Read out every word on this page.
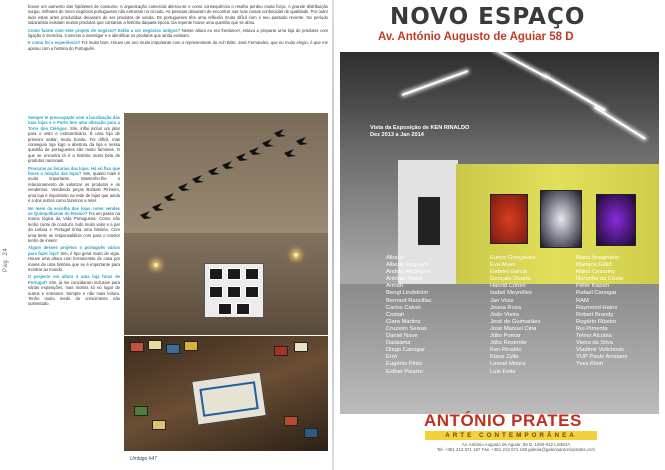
Pag. 24

houve um aumento das hipóteses de consumo. A organização comercial alterou-se e como consequência o retalho perdeu muita força. A grande distribuição surgiu, milhares de micro negócios portugueses não entraram no circuito. As pessoas deixaram de encontrar nas ruas coisas conhecidas de qualidade. Por outro lado estas artes produzidas deixaram de ser produtos de venda. De portugueses têm uma reflexão muito difícil com o seu passado recente. No período salazarista existiam muitos produtos que contaram a história daquela época. Da repente houve uma questão que se abriu.

Como fazem com este projeto de negócio? Estão a ser negócios antigos? Nesse altura eu era freelancer, estava a preparar uma loja de produtos com ligação à memória. Comecei a investigar e a identificar os produtos que ainda existiam.

E como foi a experiência? Foi muito bom. Houve um ano muito importante com o representante da Ach Brito. José Fernandes, que eu muito elogio, é que me apoiou com a história do Português.

Sempre te preocupaste com a localização das tuas lojas e o Porto tem uma vibração para a Torre dos Clérigos. Sim, influi incluir um pilar para o visto e extraordinário. É uma loja de primeiro andar, muito bonita. Foi difícil, mas conseguiu loja logo a abertura da loja e nessa questão de portugueses são muito famosos. O que se encontra lá é a história muito bela de produtos nacionais.

Procuras as livrarias das lojas. Há só fixo que fosse a relação das lojas? Sim, quanto mais é muito importante. Mantenho-lhe o relacionamento de valorizar os produtos e os vendemos. Vendendo peças Bordalo Pinheiro, uma loja é importante na rede de lojas que ainda é a dos outros como fazemos a reter.

No meio da escolha das lojas como vendes as Quinquilharias do Rossio? Foi um passo na marca lógica da Vida Portuguesa. Como não tenho conte de conduzir, tudo muito valor e a par da Lisboa e Portugal tinha uma história. Com uma lente se responsabiliza com para o interior tenho de inserir.

Algum desses projetos o português vários para fazer loja? Sim, é tipo geral muito de vigia. Houve uma altura com ferramentas de casa por mares de uma história que se é importante para mostrar ao mundo.

O projecto em altura é uma loja foras de Portugal? Sim, já me convidaram inclusive para várias exposições, mas mostra só no lugar de outros e entraram. Sempre e não mais leitura. Tenho muito medo do crescimento não sustentado.

Umbigo #47
NOVO ESPAÇO
Av. António Augusto de Aguiar 58 D
Vista da Exposição de KEN RINALDO
Dez 2013 a Jan 2014
Albano
Alberto Reguera
Andrés Alcântara
António Segui
Arman
Bengt Lindström
Bernard Rancillac
Carlos Calvet
Costah
Clara Martins
Cruzeiro Seixas
Daniel Nave
Dalaiama
Diego Canogar
Erró
Eugénio Pinto
Esther Pizarro
Eurico Gonçalves
Eva Alves
Gabriel Garcia
Gonçalo Duarte
Harold Cohen
Isabel Meyrelles
Jan Voss
Joana Rosa
João Vieira
José de Guimarães
José Manuel Ciria
Júlio Pomar
Júlio Resende
Ken Rinaldo
Klaus Zylla
Leonel Moura
Luís Feito
Maria Imaginário
Mariana Gillot
Mário Cesariny
Noronha da Costa
Peter Klasen
Rafael Canogar
RAM
Raymond Hains
Robert Brandy
Rogério Ribeiro
Rui Pimenta
Telmo Alcobia
Vieira da Silva
Vladimir Velichovic
YUP Paulo Arraiano
Yves Klein
ANTÓNIO PRATES
ARTE CONTEMPORÂNEA
Av. António Augusto de Aguiar, 58 D, 1050-012 LISBOA
Tel. +351 213 571 167 Fax. +351 213 571 168 galeria@galeriaantonioprates.com
